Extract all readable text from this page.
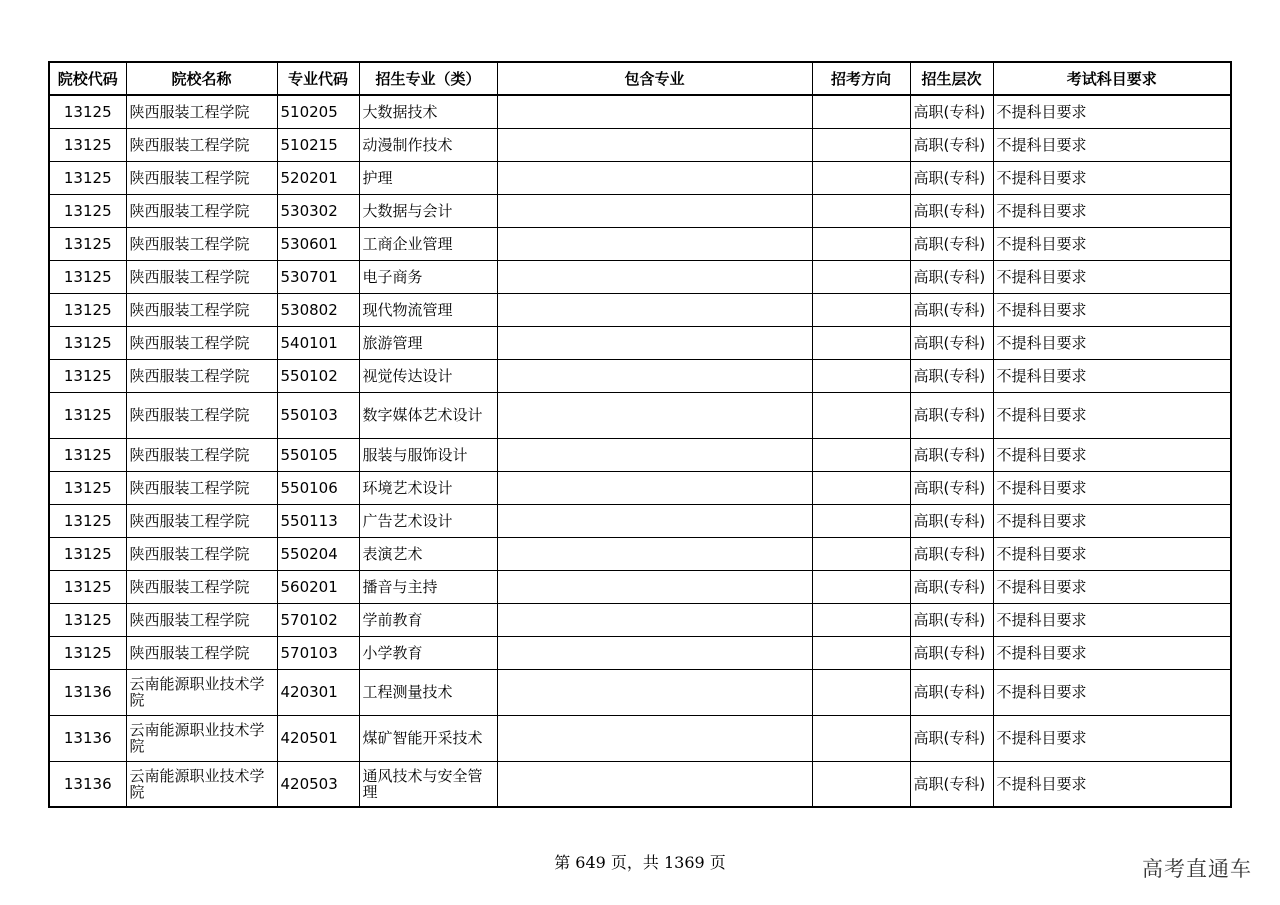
院校代码	院校名称	专业代码	招生专业（类）	包含专业	招考方向	招生层次	考试科目要求
13125	陕西服装工程学院	510205	大数据技术			高职(专科)	不提科目要求
13125	陕西服装工程学院	510215	动漫制作技术			高职(专科)	不提科目要求
13125	陕西服装工程学院	520201	护理			高职(专科)	不提科目要求
13125	陕西服装工程学院	530302	大数据与会计			高职(专科)	不提科目要求
13125	陕西服装工程学院	530601	工商企业管理			高职(专科)	不提科目要求
13125	陕西服装工程学院	530701	电子商务			高职(专科)	不提科目要求
13125	陕西服装工程学院	530802	现代物流管理			高职(专科)	不提科目要求
13125	陕西服装工程学院	540101	旅游管理			高职(专科)	不提科目要求
13125	陕西服装工程学院	550102	视觉传达设计			高职(专科)	不提科目要求
13125	陕西服装工程学院	550103	数字媒体艺术设计			高职(专科)	不提科目要求
13125	陕西服装工程学院	550105	服装与服饰设计			高职(专科)	不提科目要求
13125	陕西服装工程学院	550106	环境艺术设计			高职(专科)	不提科目要求
13125	陕西服装工程学院	550113	广告艺术设计			高职(专科)	不提科目要求
13125	陕西服装工程学院	550204	表演艺术			高职(专科)	不提科目要求
13125	陕西服装工程学院	560201	播音与主持			高职(专科)	不提科目要求
13125	陕西服装工程学院	570102	学前教育			高职(专科)	不提科目要求
13125	陕西服装工程学院	570103	小学教育			高职(专科)	不提科目要求
13136	云南能源职业技术学院	420301	工程测量技术			高职(专科)	不提科目要求
13136	云南能源职业技术学院	420501	煤矿智能开采技术			高职(专科)	不提科目要求
13136	云南能源职业技术学院	420503	通风技术与安全管理			高职(专科)	不提科目要求
第 649 页，共 1369 页	高考直通车
